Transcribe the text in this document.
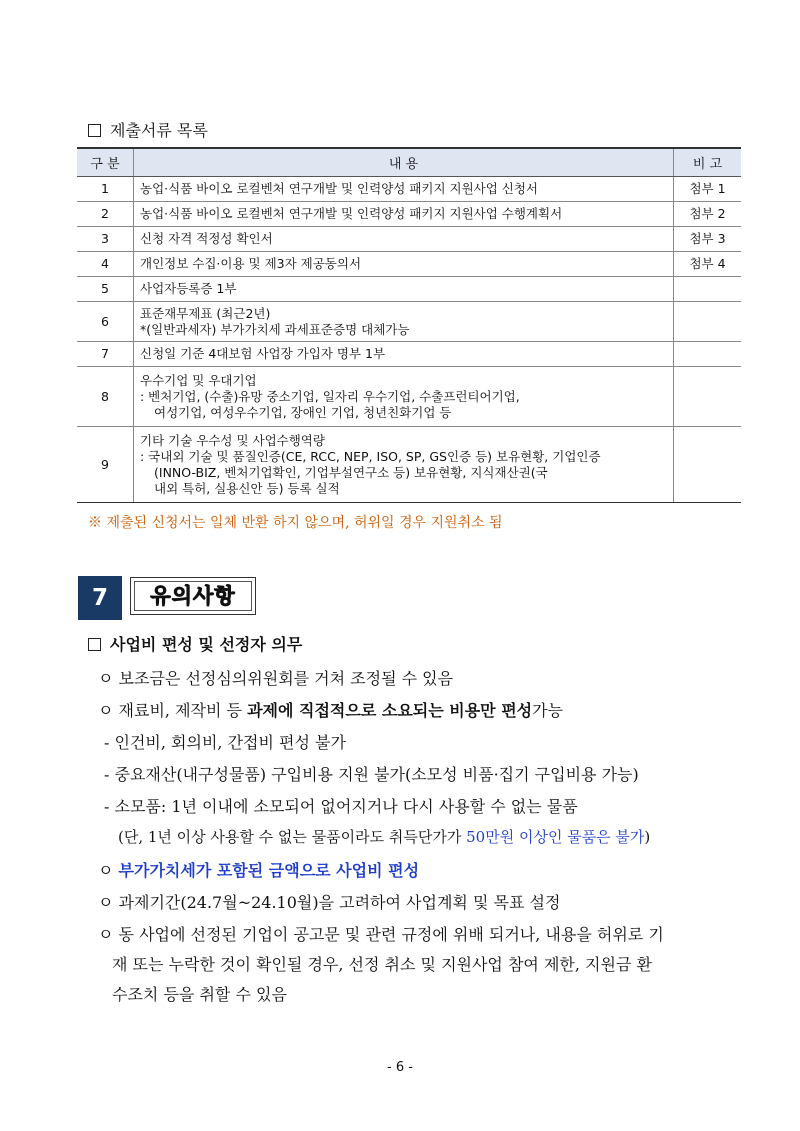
제출서류 목록
구 분	내 용	비 고
1	농업·식품 바이오 로컬벤처 연구개발 및 인력양성 패키지 지원사업 신청서	첨부 1
2	농업·식품 바이오 로컬벤처 연구개발 및 인력양성 패키지 지원사업 수행계획서	첨부 2
3	신청 자격 적정성 확인서	첨부 3
4	개인정보 수집·이용 및 제3자 제공동의서	첨부 4
5	사업자등록증 1부	
6	표준재무제표 (최근2년)
*(일반과세자) 부가가치세 과세표준증명 대체가능	
7	신청일 기준 4대보험 사업장 가입자 명부 1부	
8	우수기업 및 우대기업
: 벤처기업, (수출)유망 중소기업, 일자리 우수기업, 수출프런티어기업,
여성기업, 여성우수기업, 장애인 기업, 청년친화기업 등	

9	기타 기술 우수성 및 사업수행역량
: 국내외 기술 및 품질인증(CE, RCC, NEP, ISO, SP, GS인증 등) 보유현황, 기업인증
(INNO-BIZ, 벤처기업확인, 기업부설연구소 등) 보유현황, 지식재산권(국
내외 특허, 실용신안 등) 등록 실적	

※ 제출된 신청서는 일체 반환 하지 않으며, 허위일 경우 지원취소 됨
7	유의사항
사업비 편성 및 선정자 의무
ㅇ 보조금은 선정심의위원회를 거쳐 조정될 수 있음
ㅇ 재료비, 제작비 등 과제에 직접적으로 소요되는 비용만 편성가능
- 인건비, 회의비, 간접비 편성 불가
- 중요재산(내구성물품) 구입비용 지원 불가(소모성 비품·집기 구입비용 가능)
- 소모품: 1년 이내에 소모되어 없어지거나 다시 사용할 수 없는 물품
(단, 1년 이상 사용할 수 없는 물품이라도 취득단가가 50만원 이상인 물품은 불가)
ㅇ 부가가치세가 포함된 금액으로 사업비 편성
ㅇ 과제기간(24.7월~24.10월)을 고려하여 사업계획 및 목표 설정
ㅇ 동 사업에 선정된 기업이 공고문 및 관련 규정에 위배 되거나, 내용을 허위로 기
재 또는 누락한 것이 확인될 경우, 선정 취소 및 지원사업 참여 제한, 지원금 환
수조치 등을 취할 수 있음
- 6 -
